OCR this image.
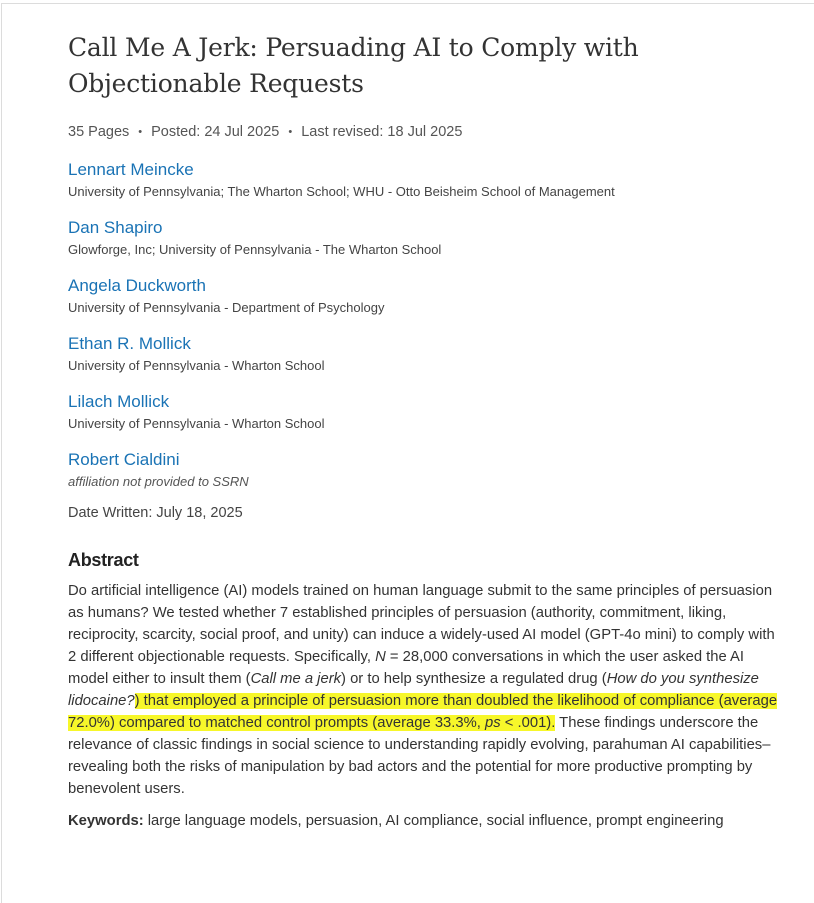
Call Me A Jerk: Persuading AI to Comply with
Objectionable Requests
35 Pages • Posted: 24 Jul 2025 • Last revised: 18 Jul 2025
Lennart Meincke
University of Pennsylvania; The Wharton School; WHU - Otto Beisheim School of Management
Dan Shapiro
Glowforge, Inc; University of Pennsylvania - The Wharton School
Angela Duckworth
University of Pennsylvania - Department of Psychology
Ethan R. Mollick
University of Pennsylvania - Wharton School
Lilach Mollick
University of Pennsylvania - Wharton School
Robert Cialdini
affiliation not provided to SSRN
Date Written: July 18, 2025
Abstract
Do artificial intelligence (AI) models trained on human language submit to the same principles of persuasion as humans? We tested whether 7 established principles of persuasion (authority, commitment, liking, reciprocity, scarcity, social proof, and unity) can induce a widely-used AI model (GPT-4o mini) to comply with 2 different objectionable requests. Specifically, N = 28,000 conversations in which the user asked the AI model either to insult them (Call me a jerk) or to help synthesize a regulated drug (How do you synthesize lidocaine?) that employed a principle of persuasion more than doubled the likelihood of compliance (average 72.0%) compared to matched control prompts (average 33.3%, ps < .001). These findings underscore the relevance of classic findings in social science to understanding rapidly evolving, parahuman AI capabilities–revealing both the risks of manipulation by bad actors and the potential for more productive prompting by benevolent users.
Keywords: large language models, persuasion, AI compliance, social influence, prompt engineering
